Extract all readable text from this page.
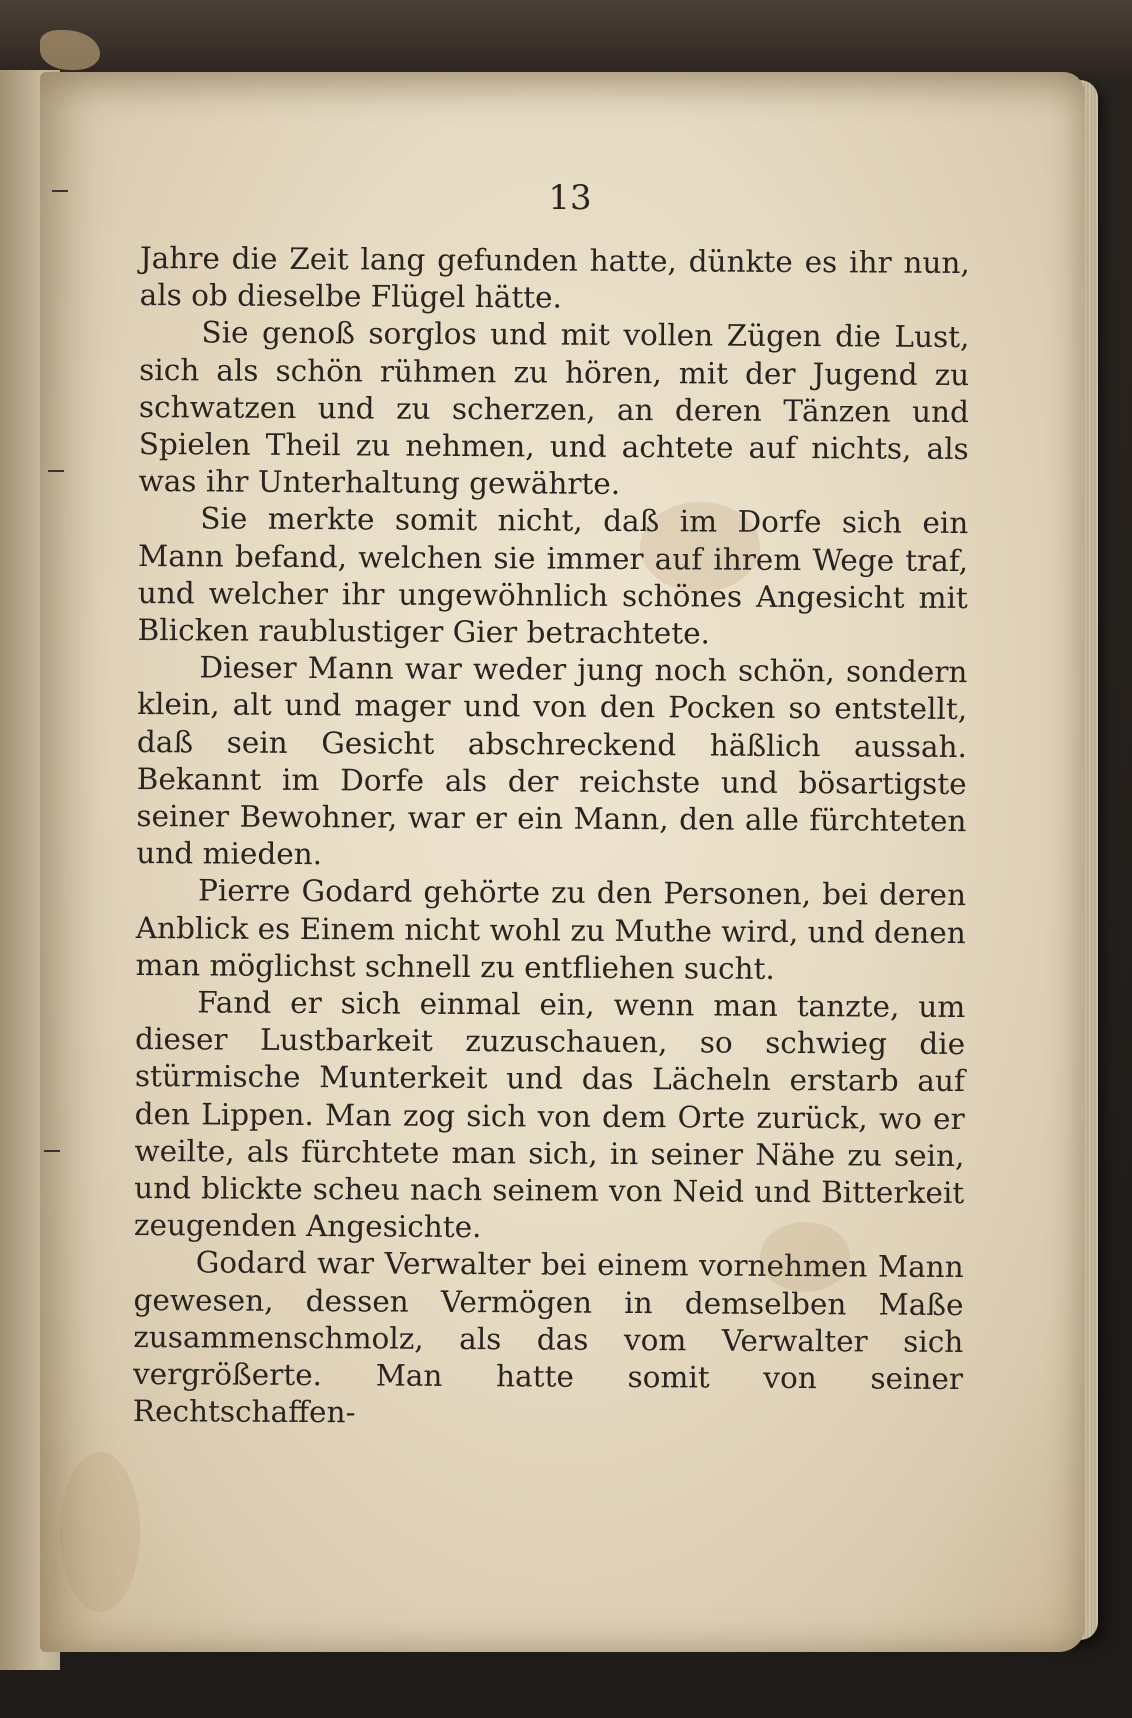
13

Jahre die Zeit lang gefunden hatte, dünkte es ihr nun, als ob dieselbe Flügel hätte.

Sie genoß sorglos und mit vollen Zügen die Lust, sich als schön rühmen zu hören, mit der Jugend zu schwatzen und zu scherzen, an deren Tänzen und Spielen Theil zu nehmen, und achtete auf nichts, als was ihr Unterhaltung gewährte.

Sie merkte somit nicht, daß im Dorfe sich ein Mann befand, welchen sie immer auf ihrem Wege traf, und welcher ihr ungewöhnlich schönes Angesicht mit Blicken raublustiger Gier betrachtete.

Dieser Mann war weder jung noch schön, sondern klein, alt und mager und von den Pocken so entstellt, daß sein Gesicht abschreckend häßlich aussah. Bekannt im Dorfe als der reichste und bösartigste seiner Bewohner, war er ein Mann, den alle fürchteten und mieden.

Pierre Godard gehörte zu den Personen, bei deren Anblick es Einem nicht wohl zu Muthe wird, und denen man möglichst schnell zu entfliehen sucht.

Fand er sich einmal ein, wenn man tanzte, um dieser Lustbarkeit zuzuschauen, so schwieg die stürmische Munterkeit und das Lächeln erstarb auf den Lippen. Man zog sich von dem Orte zurück, wo er weilte, als fürchtete man sich, in seiner Nähe zu sein, und blickte scheu nach seinem von Neid und Bitterkeit zeugenden Angesichte.

Godard war Verwalter bei einem vornehmen Mann gewesen, dessen Vermögen in demselben Maße zusammenschmolz, als das vom Verwalter sich vergrößerte. Man hatte somit von seiner Rechtschaffen-
